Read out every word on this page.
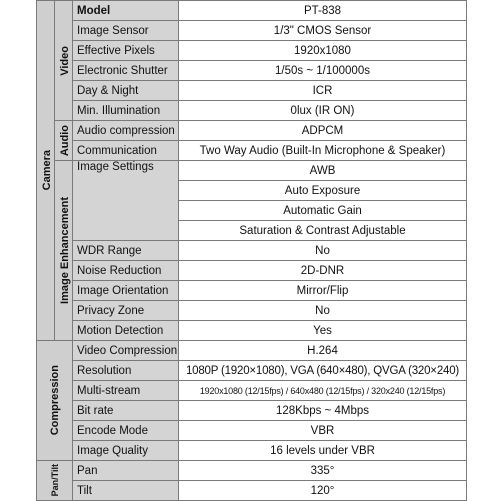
Camera	Video	Model	PT-838
		Image Sensor	1/3" CMOS Sensor
		Effective Pixels	1920x1080
		Electronic Shutter	1/50s ~ 1/100000s
		Day & Night	ICR
		Min. Illumination	0lux (IR ON)

	Audio	Audio compression	ADPCM
		Communication	Two Way Audio (Built-In Microphone & Speaker)

	Image Enhancement	Image Settings	AWB
			Auto Exposure
			Automatic Gain
			Saturation & Contrast Adjustable
		WDR Range	No
		Noise Reduction	2D-DNR
		Image Orientation	Mirror/Flip
		Privacy Zone	No
		Motion Detection	Yes

Compression		Video Compression	H.264
		Resolution	1080P (1920×1080), VGA (640×480), QVGA (320×240)
		Multi-stream	1920x1080 (12/15fps) / 640x480 (12/15fps) / 320x240 (12/15fps)
		Bit rate	128Kbps ~ 4Mbps
		Encode Mode	VBR
		Image Quality	16 levels under VBR

Pan/Tilt		Pan	335°
		Tilt	120°
